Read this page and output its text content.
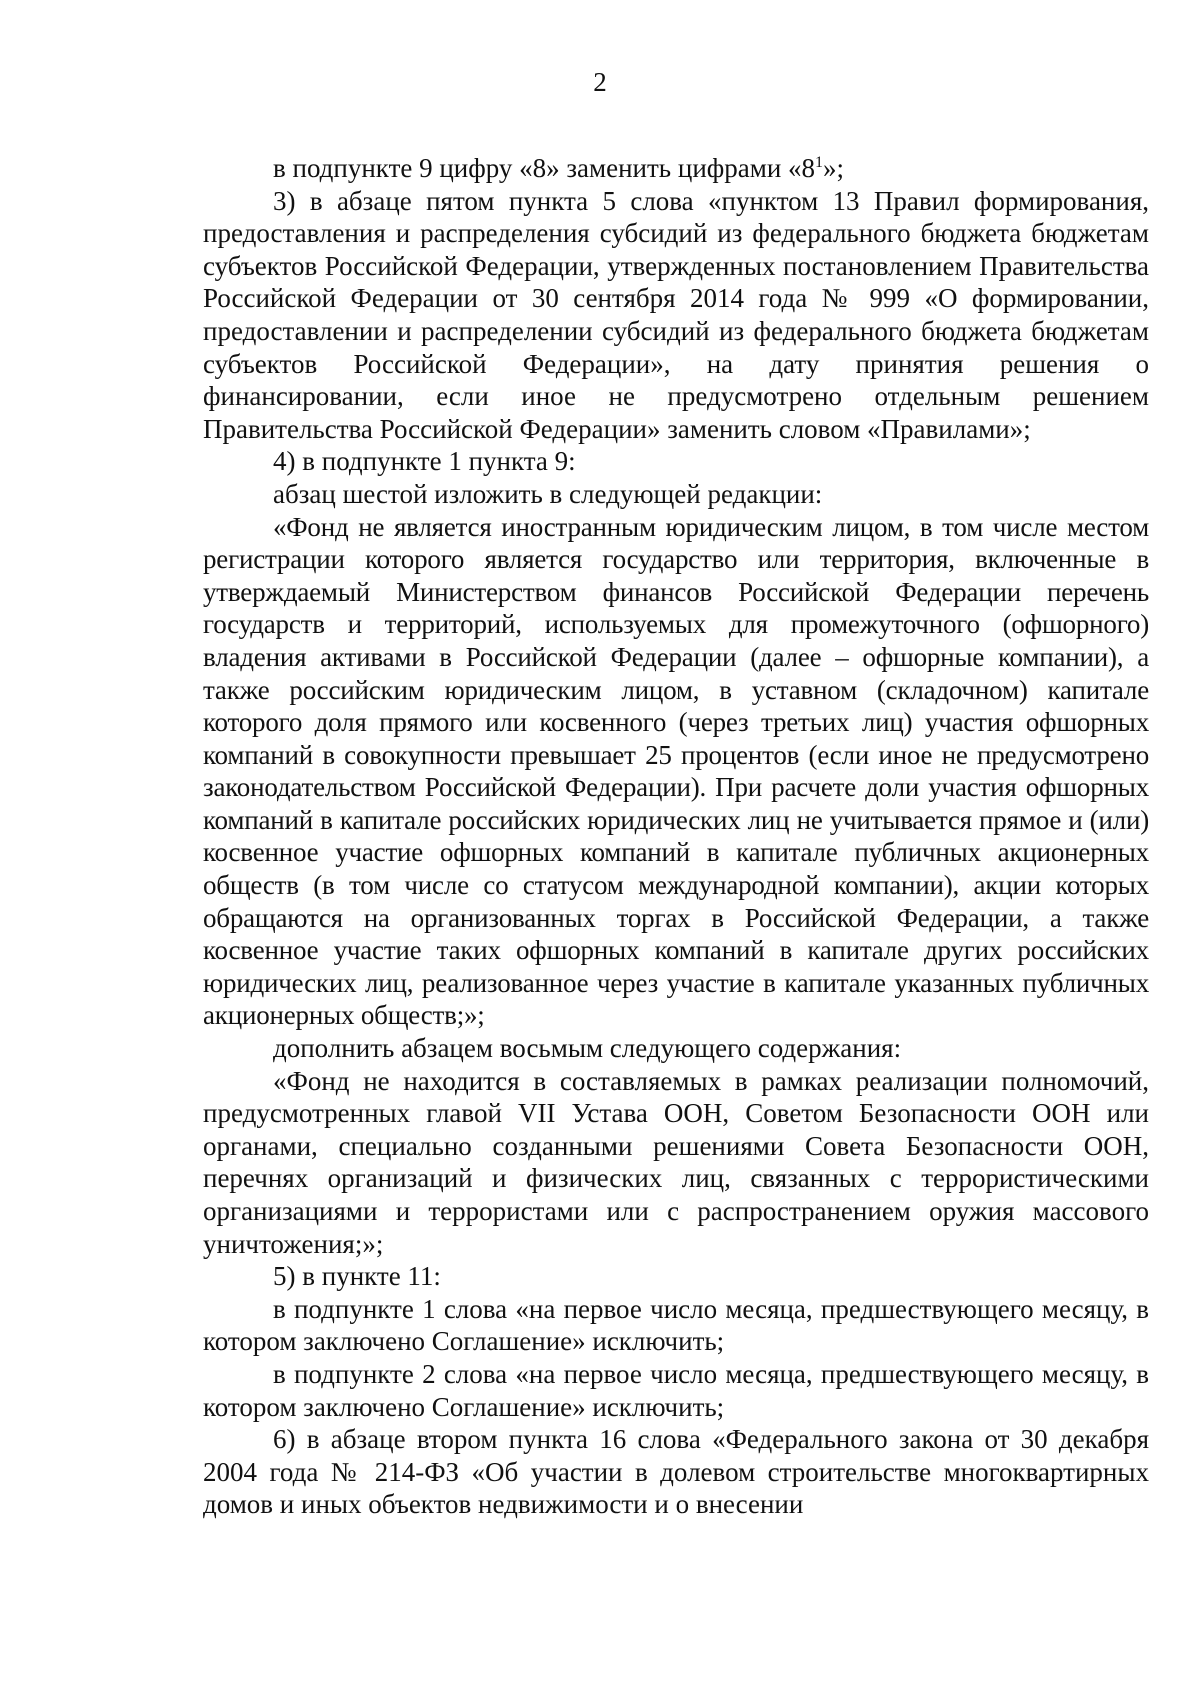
2

в подпункте 9 цифру «8» заменить цифрами «$8^1$»;

3) в абзаце пятом пункта 5 слова «пунктом 13 Правил формирования, предоставления и распределения субсидий из федерального бюджета бюджетам субъектов Российской Федерации, утвержденных постановлением Правительства Российской Федерации от 30 сентября 2014 года № 999 «О формировании, предоставлении и распределении субсидий из федерального бюджета бюджетам субъектов Российской Федерации», на дату принятия решения о финансировании, если иное не предусмотрено отдельным решением Правительства Российской Федерации» заменить словом «Правилами»;

4) в подпункте 1 пункта 9:

абзац шестой изложить в следующей редакции:

«Фонд не является иностранным юридическим лицом, в том числе местом регистрации которого является государство или территория, включенные в утверждаемый Министерством финансов Российской Федерации перечень государств и территорий, используемых для промежуточного (офшорного) владения активами в Российской Федерации (далее – офшорные компании), а также российским юридическим лицом, в уставном (складочном) капитале которого доля прямого или косвенного (через третьих лиц) участия офшорных компаний в совокупности превышает 25 процентов (если иное не предусмотрено законодательством Российской Федерации). При расчете доли участия офшорных компаний в капитале российских юридических лиц не учитывается прямое и (или) косвенное участие офшорных компаний в капитале публичных акционерных обществ (в том числе со статусом международной компании), акции которых обращаются на организованных торгах в Российской Федерации, а также косвенное участие таких офшорных компаний в капитале других российских юридических лиц, реализованное через участие в капитале указанных публичных акционерных обществ;»;

дополнить абзацем восьмым следующего содержания:

«Фонд не находится в составляемых в рамках реализации полномочий, предусмотренных главой VII Устава ООН, Советом Безопасности ООН или органами, специально созданными решениями Совета Безопасности ООН, перечнях организаций и физических лиц, связанных с террористическими организациями и террористами или с распространением оружия массового уничтожения;»;

5) в пункте 11:

в подпункте 1 слова «на первое число месяца, предшествующего месяцу, в котором заключено Соглашение» исключить;

в подпункте 2 слова «на первое число месяца, предшествующего месяцу, в котором заключено Соглашение» исключить;

6) в абзаце втором пункта 16 слова «Федерального закона от 30 декабря 2004 года № 214-ФЗ «Об участии в долевом строительстве многоквартирных домов и иных объектов недвижимости и о внесении
